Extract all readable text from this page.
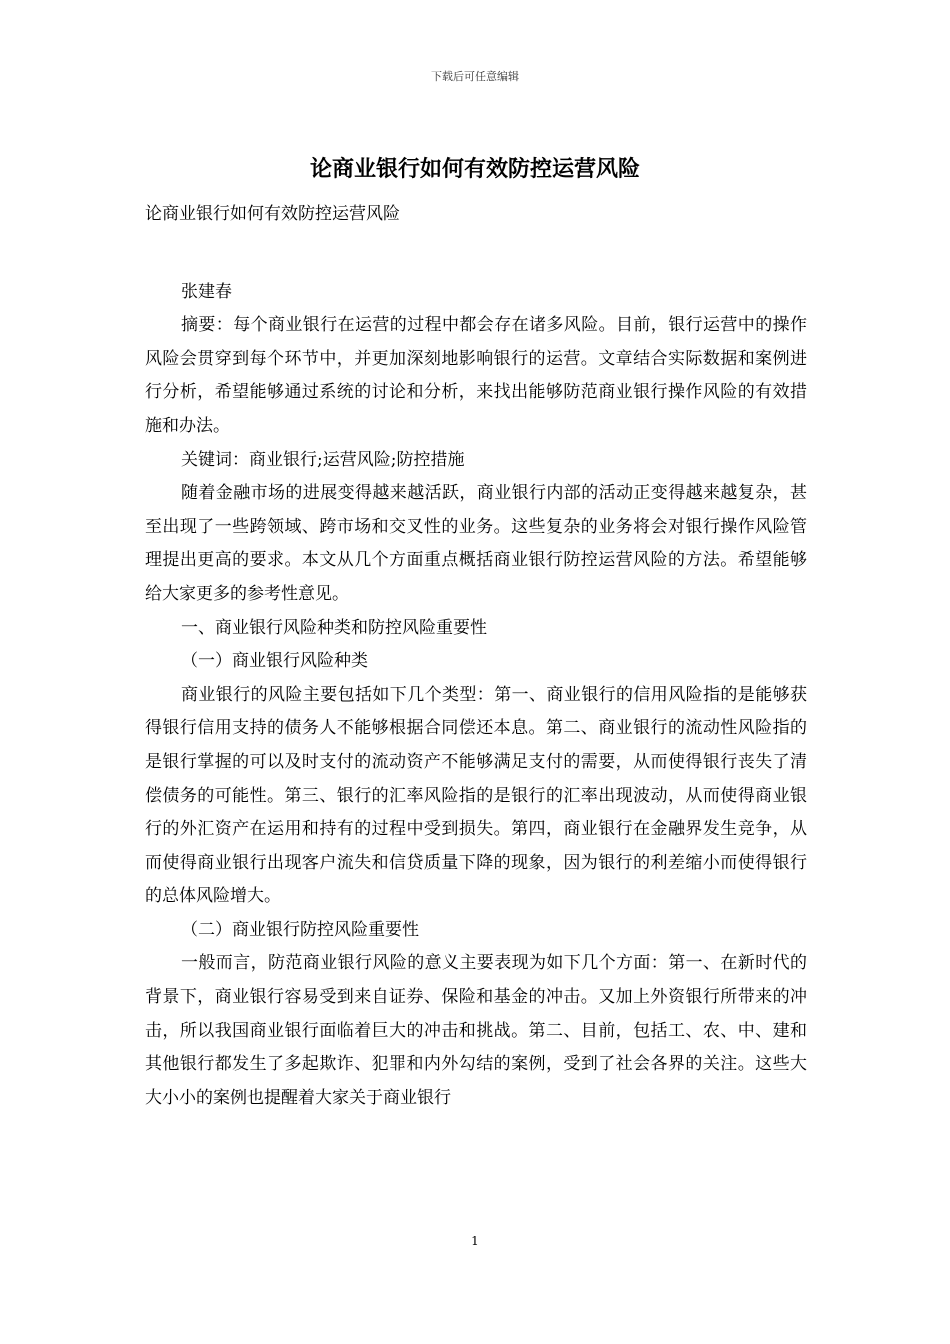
下载后可任意编辑
论商业银行如何有效防控运营风险

论商业银行如何有效防控运营风险

张建春

摘要：每个商业银行在运营的过程中都会存在诸多风险。目前，银行运营中的操作风险会贯穿到每个环节中，并更加深刻地影响银行的运营。文章结合实际数据和案例进行分析，希望能够通过系统的讨论和分析，来找出能够防范商业银行操作风险的有效措施和办法。

关键词：商业银行;运营风险;防控措施

随着金融市场的进展变得越来越活跃，商业银行内部的活动正变得越来越复杂，甚至出现了一些跨领域、跨市场和交叉性的业务。这些复杂的业务将会对银行操作风险管理提出更高的要求。本文从几个方面重点概括商业银行防控运营风险的方法。希望能够给大家更多的参考性意见。

一、商业银行风险种类和防控风险重要性

（一）商业银行风险种类

商业银行的风险主要包括如下几个类型：第一、商业银行的信用风险指的是能够获得银行信用支持的债务人不能够根据合同偿还本息。第二、商业银行的流动性风险指的是银行掌握的可以及时支付的流动资产不能够满足支付的需要，从而使得银行丧失了清偿债务的可能性。第三、银行的汇率风险指的是银行的汇率出现波动，从而使得商业银行的外汇资产在运用和持有的过程中受到损失。第四，商业银行在金融界发生竞争，从而使得商业银行出现客户流失和信贷质量下降的现象，因为银行的利差缩小而使得银行的总体风险增大。

（二）商业银行防控风险重要性

一般而言，防范商业银行风险的意义主要表现为如下几个方面：第一、在新时代的背景下，商业银行容易受到来自证券、保险和基金的冲击。又加上外资银行所带来的冲击，所以我国商业银行面临着巨大的冲击和挑战。第二、目前，包括工、农、中、建和其他银行都发生了多起欺诈、犯罪和内外勾结的案例，受到了社会各界的关注。这些大大小小的案例也提醒着大家关于商业银行

1
